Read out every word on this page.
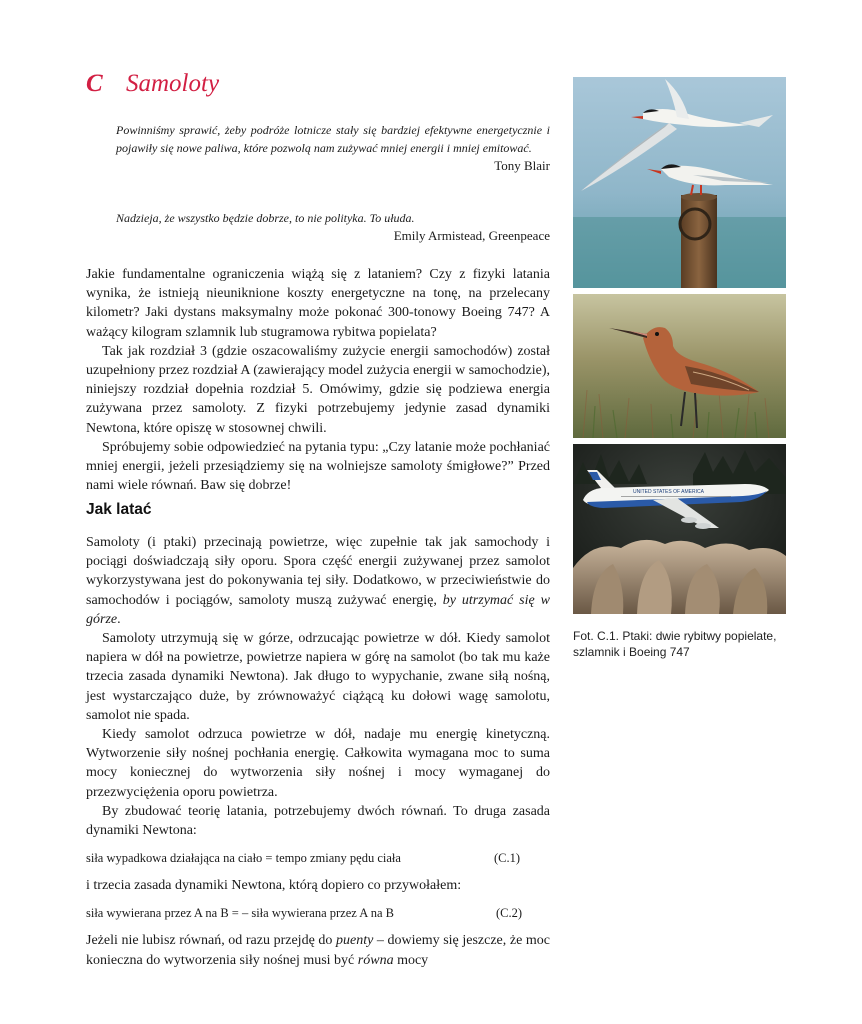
C Samoloty
Powinniśmy sprawić, żeby podróże lotnicze stały się bardziej efektywne energetycznie i pojawiły się nowe paliwa, które pozwolą nam zużywać mniej energii i mniej emitować.
Tony Blair
Nadzieja, że wszystko będzie dobrze, to nie polityka. To ułuda.
Emily Armistead, Greenpeace

Jakie fundamentalne ograniczenia wiążą się z lataniem? Czy z fizyki latania wynika, że istnieją nieuniknione koszty energetyczne na tonę, na przelecany kilometr? Jaki dystans maksymalny może pokonać 300-tonowy Boeing 747? A ważący kilogram szlamnik lub stugramowa rybitwa popielata?

Tak jak rozdział 3 (gdzie oszacowaliśmy zużycie energii samochodów) został uzupełniony przez rozdział A (zawierający model zużycia energii w samochodzie), niniejszy rozdział dopełnia rozdział 5. Omówimy, gdzie się podziewa energia zużywana przez samoloty. Z fizyki potrzebujemy jedynie zasad dynamiki Newtona, które opiszę w stosownej chwili.

Spróbujemy sobie odpowiedzieć na pytania typu: „Czy latanie może pochłaniać mniej energii, jeżeli przesiądziemy się na wolniejsze samoloty śmigłowe?” Przed nami wiele równań. Baw się dobrze!

Jak latać

Samoloty (i ptaki) przecinają powietrze, więc zupełnie tak jak samochody i pociągi doświadczają siły oporu. Spora część energii zużywanej przez samolot wykorzystywana jest do pokonywania tej siły. Dodatkowo, w przeciwieństwie do samochodów i pociągów, samoloty muszą zużywać energię, by utrzymać się w górze.

Samoloty utrzymują się w górze, odrzucając powietrze w dół. Kiedy samolot napiera w dół na powietrze, powietrze napiera w górę na samolot (bo tak mu każe trzecia zasada dynamiki Newtona). Jak długo to wypychanie, zwane siłą nośną, jest wystarczająco duże, by zrównoważyć ciążącą ku dołowi wagę samolotu, samolot nie spada.

Kiedy samolot odrzuca powietrze w dół, nadaje mu energię kinetyczną. Wytworzenie siły nośnej pochłania energię. Całkowita wymagana moc to suma mocy koniecznej do wytworzenia siły nośnej i mocy wymaganej do przezwyciężenia oporu powietrza.

By zbudować teorię latania, potrzebujemy dwóch równań. To druga zasada dynamiki Newtona:

siła wypadkowa działająca na ciało = tempo zmiany pędu ciała	(C.1)

i trzecia zasada dynamiki Newtona, którą dopiero co przywołałem:

siła wywierana przez A na B = – siła wywierana przez A na B	(C.2)

Jeżeli nie lubisz równań, od razu przejdę do puenty – dowiemy się jeszcze, że moc konieczna do wytworzenia siły nośnej musi być równa mocy

UNITED STATES OF AMERICA
Fot. C.1. Ptaki: dwie rybitwy popielate, szlamnik i Boeing 747
